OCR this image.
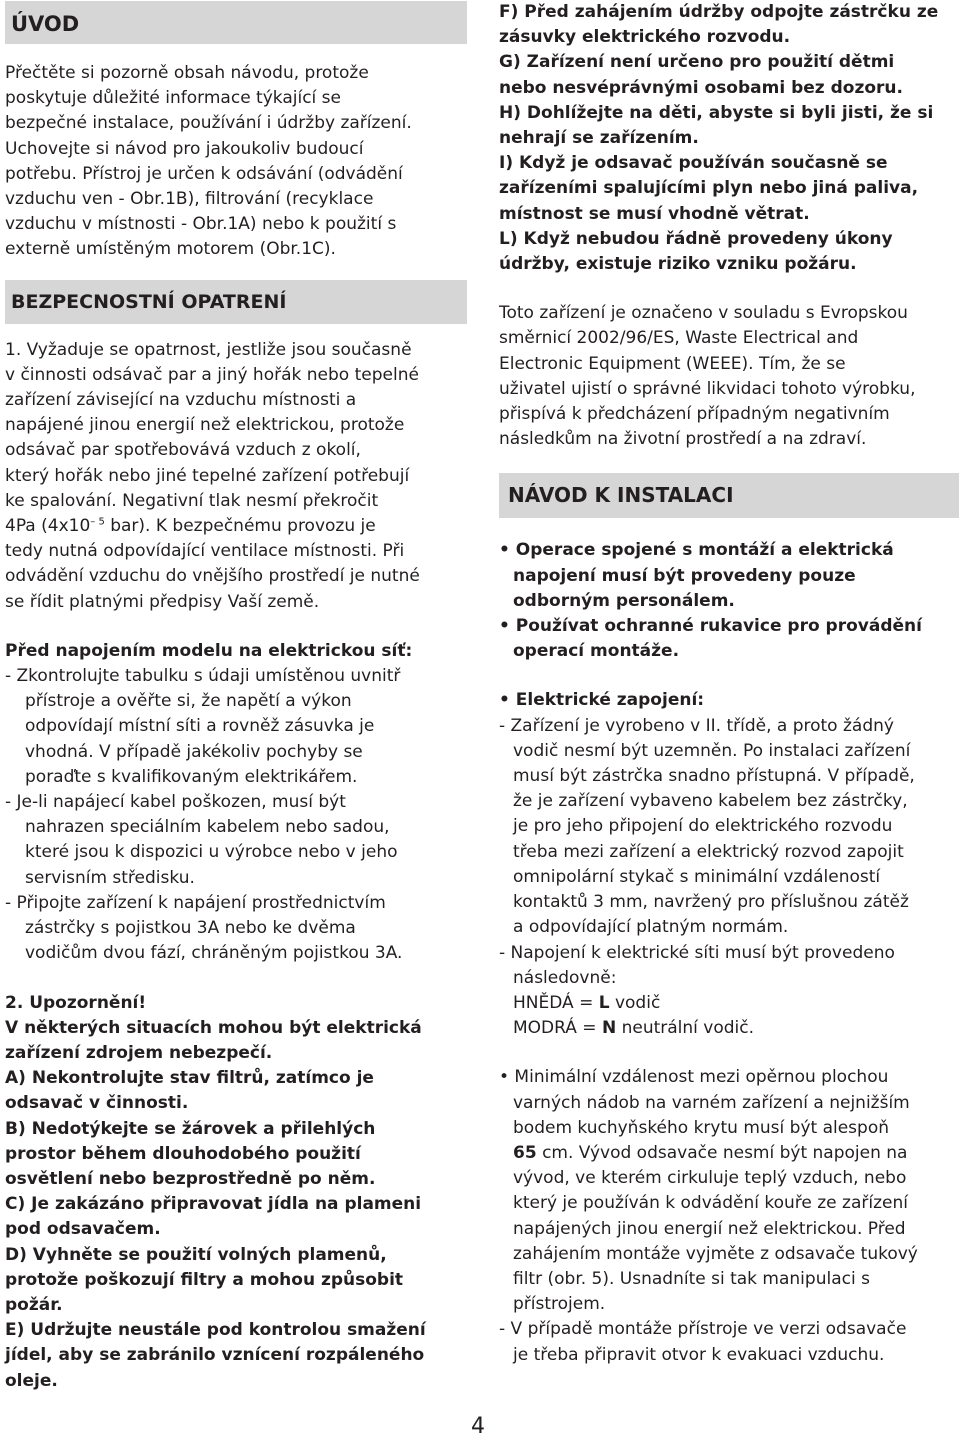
ÚVOD
Přečtěte si pozorně obsah návodu, protože
poskytuje důležité informace týkající se
bezpečné instalace, používání i údržby zařízení.
Uchovejte si návod pro jakoukoliv budoucí
potřebu. Přístroj je určen k odsávání (odvádění
vzduchu ven - Obr.1B), filtrování (recyklace
vzduchu v místnosti - Obr.1A) nebo k použití s
externě umístěným motorem (Obr.1C).
BEZPECNOSTNÍ OPATRENÍ
1. Vyžaduje se opatrnost, jestliže jsou současně
v činnosti odsávač par a jiný hořák nebo tepelné
zařízení závisející na vzduchu místnosti a
napájené jinou energií než elektrickou, protože
odsávač par spotřebovává vzduch z okolí,
který hořák nebo jiné tepelné zařízení potřebují
ke spalování. Negativní tlak nesmí překročit
4Pa ($4x10^{- 5}$ bar). K bezpečnému provozu je
tedy nutná odpovídající ventilace místnosti. Při
odvádění vzduchu do vnějšího prostředí je nutné
se řídit platnými předpisy Vaší země.
Před napojením modelu na elektrickou síť:
- Zkontrolujte tabulku s údaji umístěnou uvnitř
přístroje a ověřte si, že napětí a výkon
odpovídají místní síti a rovněž zásuvka je
vhodná. V případě jakékoliv pochyby se
poraďte s kvalifikovaným elektrikářem.
- Je-li napájecí kabel poškozen, musí být
nahrazen speciálním kabelem nebo sadou,
které jsou k dispozici u výrobce nebo v jeho
servisním středisku.
- Připojte zařízení k napájení prostřednictvím
zástrčky s pojistkou 3A nebo ke dvěma
vodičům dvou fází, chráněným pojistkou 3A.
2. Upozornění!
V některých situacích mohou být elektrická
zařízení zdrojem nebezpečí.
A) Nekontrolujte stav filtrů, zatímco je
odsavač v činnosti.
B) Nedotýkejte se žárovek a přilehlých
prostor během dlouhodobého použití
osvětlení nebo bezprostředně po něm.
C) Je zakázáno připravovat jídla na plameni
pod odsavačem.
D) Vyhněte se použití volných plamenů,
protože poškozují filtry a mohou způsobit
požár.
E) Udržujte neustále pod kontrolou smažení
jídel, aby se zabránilo vznícení rozpáleného
oleje.
F) Před zahájením údržby odpojte zástrčku ze
zásuvky elektrického rozvodu.
G) Zařízení není určeno pro použití dětmi
nebo nesvéprávnými osobami bez dozoru.
H) Dohlížejte na děti, abyste si byli jisti, že si
nehrají se zařízením.
I) Když je odsavač používán současně se
zařízeními spalujícími plyn nebo jiná paliva,
místnost se musí vhodně větrat.
L) Když nebudou řádně provedeny úkony
údržby, existuje riziko vzniku požáru.
Toto zařízení je označeno v souladu s Evropskou
směrnicí 2002/96/ES, Waste Electrical and
Electronic Equipment (WEEE). Tím, že se
uživatel ujistí o správné likvidaci tohoto výrobku,
přispívá k předcházení případným negativním
následkům na životní prostředí a na zdraví.
NÁVOD K INSTALACI
• Operace spojené s montáží a elektrická
napojení musí být provedeny pouze
odborným personálem.
• Používat ochranné rukavice pro provádění
operací montáže.
• Elektrické zapojení:
- Zařízení je vyrobeno v II. třídě, a proto žádný
vodič nesmí být uzemněn. Po instalaci zařízení
musí být zástrčka snadno přístupná. V případě,
že je zařízení vybaveno kabelem bez zástrčky,
je pro jeho připojení do elektrického rozvodu
třeba mezi zařízení a elektrický rozvod zapojit
omnipolární stykač s minimální vzdáleností
kontaktů 3 mm, navržený pro příslušnou zátěž
a odpovídající platným normám.
- Napojení k elektrické síti musí být provedeno
následovně:
HNĚDÁ = L vodič
MODRÁ = N neutrální vodič.
• Minimální vzdálenost mezi opěrnou plochou
varných nádob na varném zařízení a nejnižším
bodem kuchyňského krytu musí být alespoň
65 cm. Vývod odsavače nesmí být napojen na
vývod, ve kterém cirkuluje teplý vzduch, nebo
který je používán k odvádění kouře ze zařízení
napájených jinou energií než elektrickou. Před
zahájením montáže vyjměte z odsavače tukový
filtr (obr. 5). Usnadníte si tak manipulaci s
přístrojem.
- V případě montáže přístroje ve verzi odsavače
je třeba připravit otvor k evakuaci vzduchu.
4
